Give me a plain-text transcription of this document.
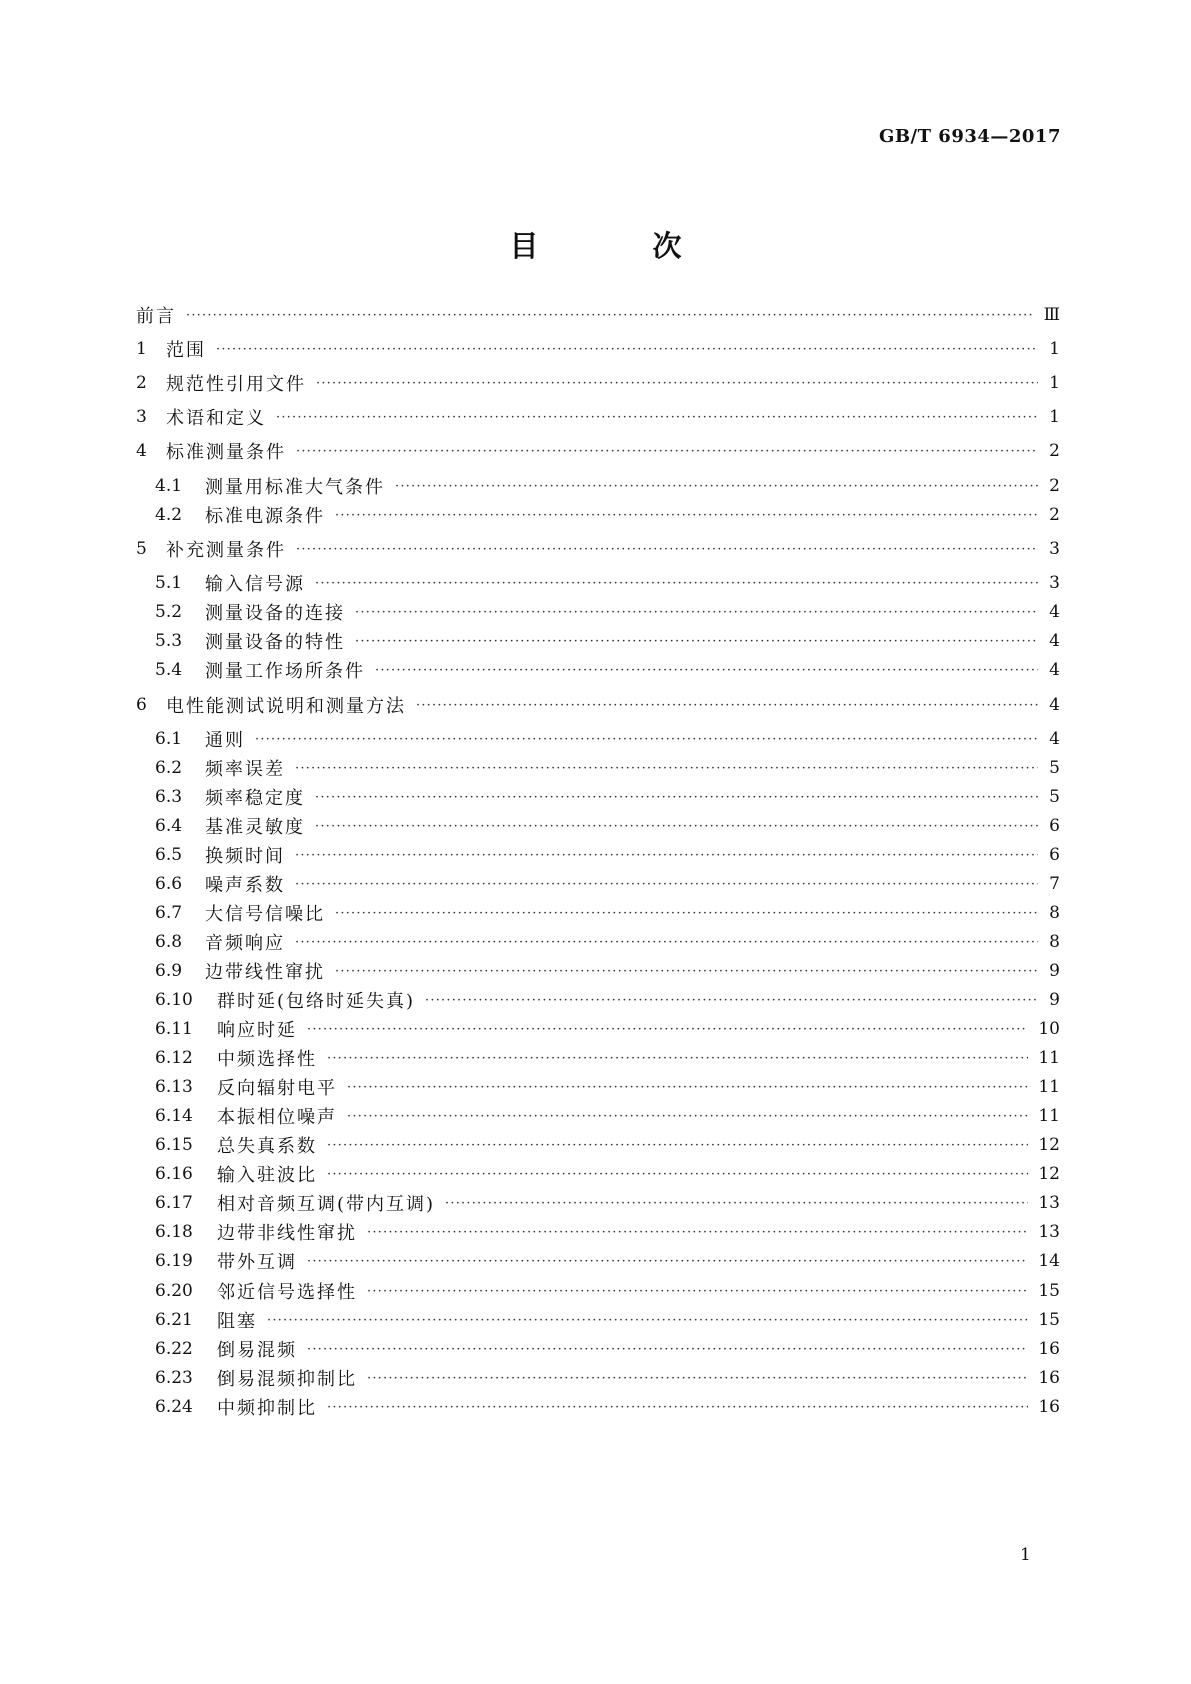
GB/T 6934—2017
目 次
前言 ·····	Ⅲ
1	范围 ·····	1
2	规范性引用文件 ·····	1
3	术语和定义 ·····	1
4	标准测量条件 ·····	2
4.1	测量用标准大气条件 ·····	2
4.2	标准电源条件 ·····	2
5	补充测量条件 ·····	3
5.1	输入信号源 ·····	3
5.2	测量设备的连接 ·····	4
5.3	测量设备的特性 ·····	4
5.4	测量工作场所条件 ·····	4
6	电性能测试说明和测量方法 ·····	4
6.1	通则 ·····	4
6.2	频率误差 ·····	5
6.3	频率稳定度 ·····	5
6.4	基准灵敏度 ·····	6
6.5	换频时间 ·····	6
6.6	噪声系数 ·····	7
6.7	大信号信噪比 ·····	8
6.8	音频响应 ·····	8
6.9	边带线性窜扰 ·····	9
6.10	群时延(包络时延失真) ·····	9
6.11	响应时延 ·····	10
6.12	中频选择性 ·····	11
6.13	反向辐射电平 ·····	11
6.14	本振相位噪声 ·····	11
6.15	总失真系数 ·····	12
6.16	输入驻波比 ·····	12
6.17	相对音频互调(带内互调) ·····	13
6.18	边带非线性窜扰 ·····	13
6.19	带外互调 ·····	14
6.20	邻近信号选择性 ·····	15
6.21	阻塞 ·····	15
6.22	倒易混频 ·····	16
6.23	倒易混频抑制比 ·····	16
6.24	中频抑制比 ·····	16
1
